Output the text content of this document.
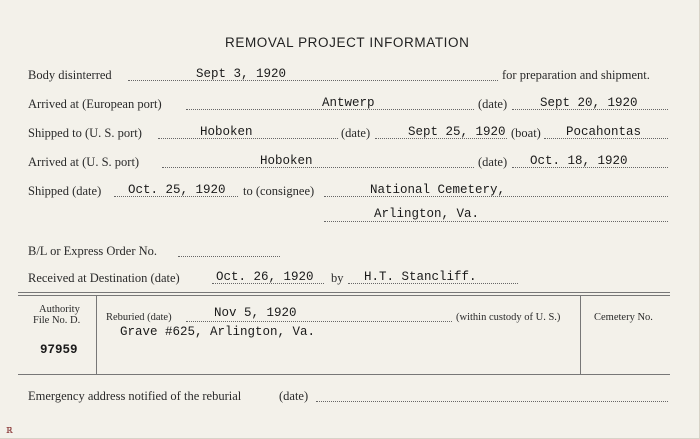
REMOVAL PROJECT INFORMATION
Body disinterred	Sept 3, 1920	for preparation and shipment.
Arrived at (European port)	Antwerp	(date)	Sept 20, 1920
Shipped to (U. S. port)	Hoboken	(date)	Sept 25, 1920 (boat) Pocahontas
Arrived at (U. S. port)	Hoboken	(date) Oct. 18, 1920
Shipped (date) Oct. 25, 1920 to (consignee)	National Cemetery,
Arlington, Va.
B/L or Express Order No.
Received at Destination (date)	Oct. 26, 1920 by H.T. Stancliff.
Authority
File No. D.
97959
Reburied (date)	Nov 5, 1920	(within custody of U. S.)
Grave #625, Arlington, Va.
Cemetery No.
Emergency address notified of the reburial	(date)
ℝ
